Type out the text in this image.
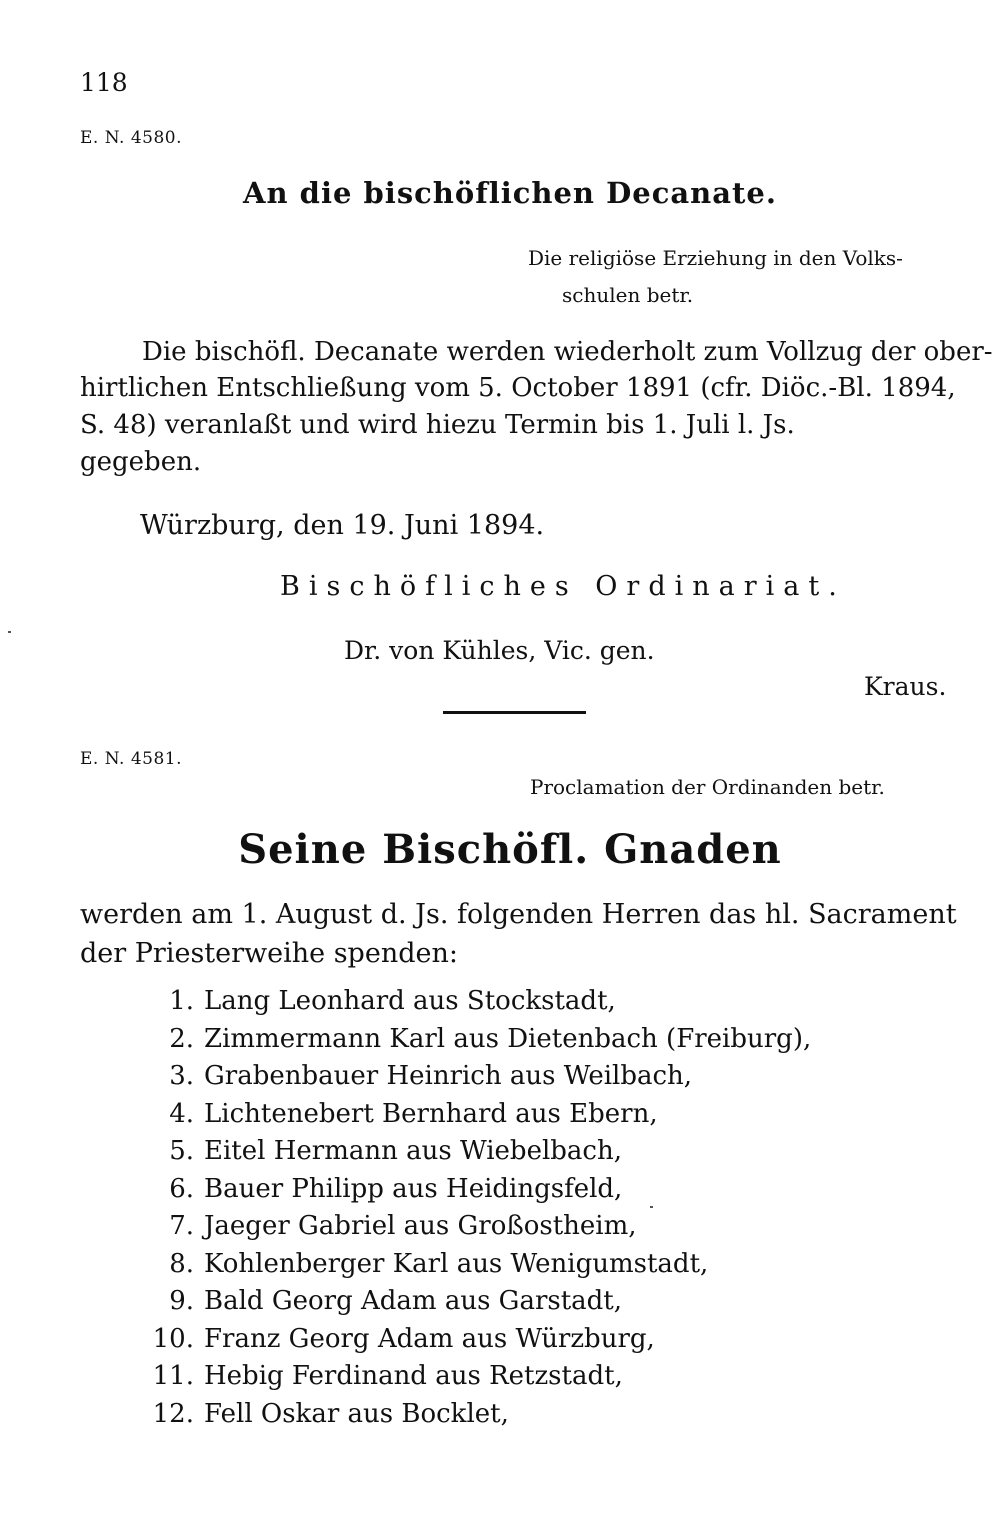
118
E. N. 4580.
An die bischöflichen Decanate.
Die religiöse Erziehung in den Volks-
schulen betr.
Die bischöfl. Decanate werden wiederholt zum Vollzug der ober-
hirtlichen Entschließung vom 5. October 1891 (cfr. Diöc.-Bl. 1894,
S. 48) veranlaßt und wird hiezu Termin bis 1. Juli l. Js.
gegeben.
Würzburg, den 19. Juni 1894.
Bischöfliches Ordinariat.
Dr. von Kühles, Vic. gen.
Kraus.
E. N. 4581.
Proclamation der Ordinanden betr.
Seine Bischöfl. Gnaden
werden am 1. August d. Js. folgenden Herren das hl. Sacrament
der Priesterweihe spenden:
1. Lang Leonhard aus Stockstadt,
2. Zimmermann Karl aus Dietenbach (Freiburg),
3. Grabenbauer Heinrich aus Weilbach,
4. Lichtenebert Bernhard aus Ebern,
5. Eitel Hermann aus Wiebelbach,
6. Bauer Philipp aus Heidingsfeld,
7. Jaeger Gabriel aus Großostheim,
8. Kohlenberger Karl aus Wenigumstadt,
9. Bald Georg Adam aus Garstadt,
10. Franz Georg Adam aus Würzburg,
11. Hebig Ferdinand aus Retzstadt,
12. Fell Oskar aus Bocklet,
